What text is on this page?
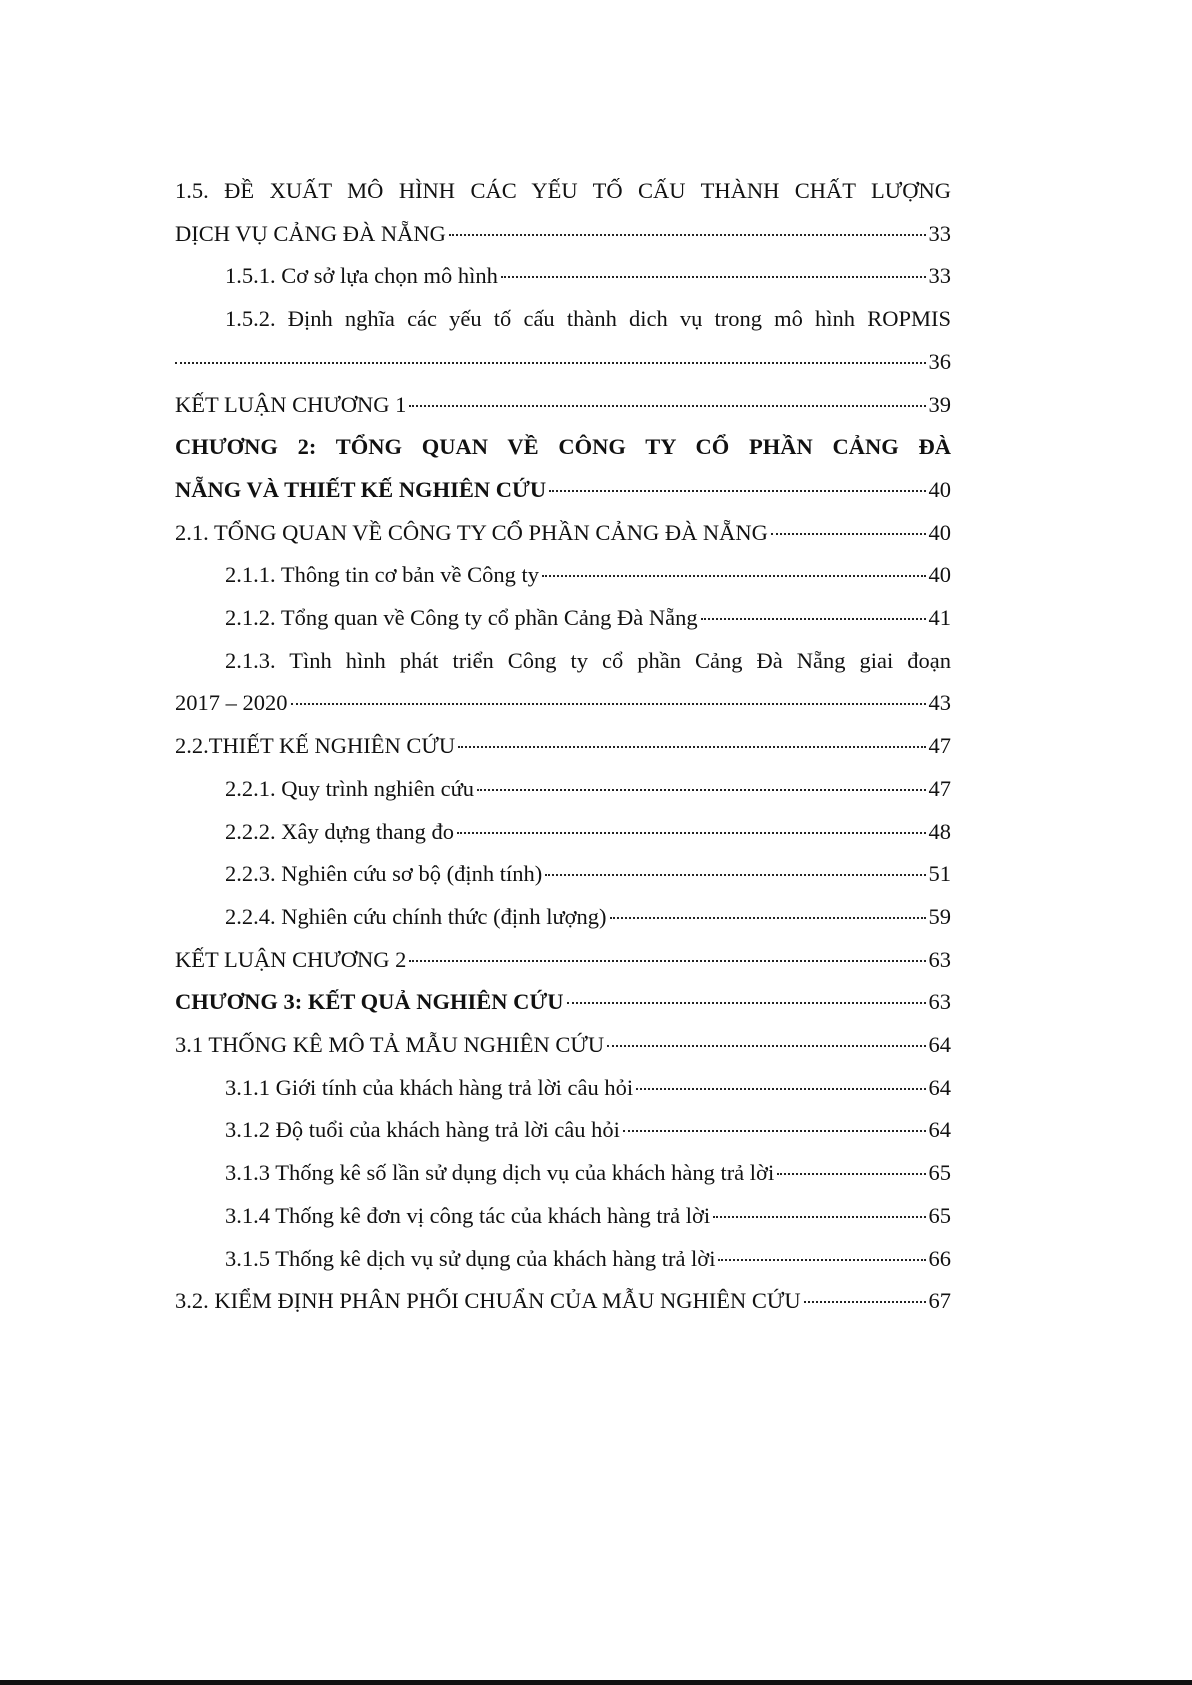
1.5. ĐỀ XUẤT MÔ HÌNH CÁC YẾU TỐ CẤU THÀNH CHẤT LƯỢNG
DỊCH VỤ CẢNG ĐÀ NẴNG	33
1.5.1. Cơ sở lựa chọn mô hình	33
1.5.2. Định nghĩa các yếu tố cấu thành dich vụ trong mô hình ROPMIS
36
KẾT LUẬN CHƯƠNG 1	39
CHƯƠNG 2: TỔNG QUAN VỀ CÔNG TY CỔ PHẦN CẢNG ĐÀ
NẴNG VÀ THIẾT KẾ NGHIÊN CỨU	40
2.1. TỔNG QUAN VỀ CÔNG TY CỔ PHẦN CẢNG ĐÀ NẴNG	40
2.1.1. Thông tin cơ bản về Công ty	40
2.1.2. Tổng quan về Công ty cổ phần Cảng Đà Nẵng	41
2.1.3. Tình hình phát triển Công ty cổ phần Cảng Đà Nẵng giai đoạn
2017 – 2020	43
2.2.THIẾT KẾ NGHIÊN CỨU	47
2.2.1. Quy trình nghiên cứu	47
2.2.2. Xây dựng thang đo	48
2.2.3. Nghiên cứu sơ bộ (định tính)	51
2.2.4. Nghiên cứu chính thức (định lượng)	59
KẾT LUẬN CHƯƠNG 2	63
CHƯƠNG 3: KẾT QUẢ NGHIÊN CỨU	63
3.1 THỐNG KÊ MÔ TẢ MẪU NGHIÊN CỨU	64
3.1.1 Giới tính của khách hàng trả lời câu hỏi	64
3.1.2 Độ tuổi của khách hàng trả lời câu hỏi	64
3.1.3 Thống kê số lần sử dụng dịch vụ của khách hàng trả lời	65
3.1.4 Thống kê đơn vị công tác của khách hàng trả lời	65
3.1.5 Thống kê dịch vụ sử dụng của khách hàng trả lời	66
3.2. KIỂM ĐỊNH PHÂN PHỐI CHUẨN CỦA MẪU NGHIÊN CỨU	67
